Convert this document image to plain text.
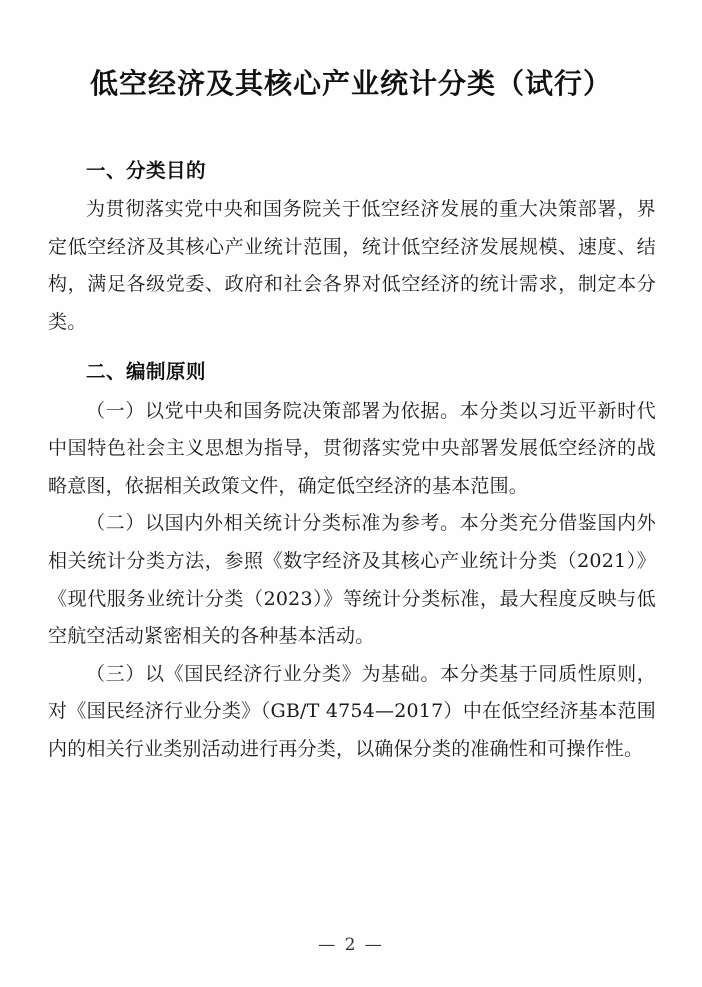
低空经济及其核心产业统计分类（试行）
一、分类目的

为贯彻落实党中央和国务院关于低空经济发展的重大决策部署，界定低空经济及其核心产业统计范围，统计低空经济发展规模、速度、结构，满足各级党委、政府和社会各界对低空经济的统计需求，制定本分类。

二、编制原则

（一）以党中央和国务院决策部署为依据。本分类以习近平新时代中国特色社会主义思想为指导，贯彻落实党中央部署发展低空经济的战略意图，依据相关政策文件，确定低空经济的基本范围。

（二）以国内外相关统计分类标准为参考。本分类充分借鉴国内外相关统计分类方法，参照《数字经济及其核心产业统计分类（2021）》《现代服务业统计分类（2023）》等统计分类标准，最大程度反映与低空航空活动紧密相关的各种基本活动。

（三）以《国民经济行业分类》为基础。本分类基于同质性原则，对《国民经济行业分类》（GB/T 4754—2017）中在低空经济基本范围内的相关行业类别活动进行再分类，以确保分类的准确性和可操作性。

— 2 —
